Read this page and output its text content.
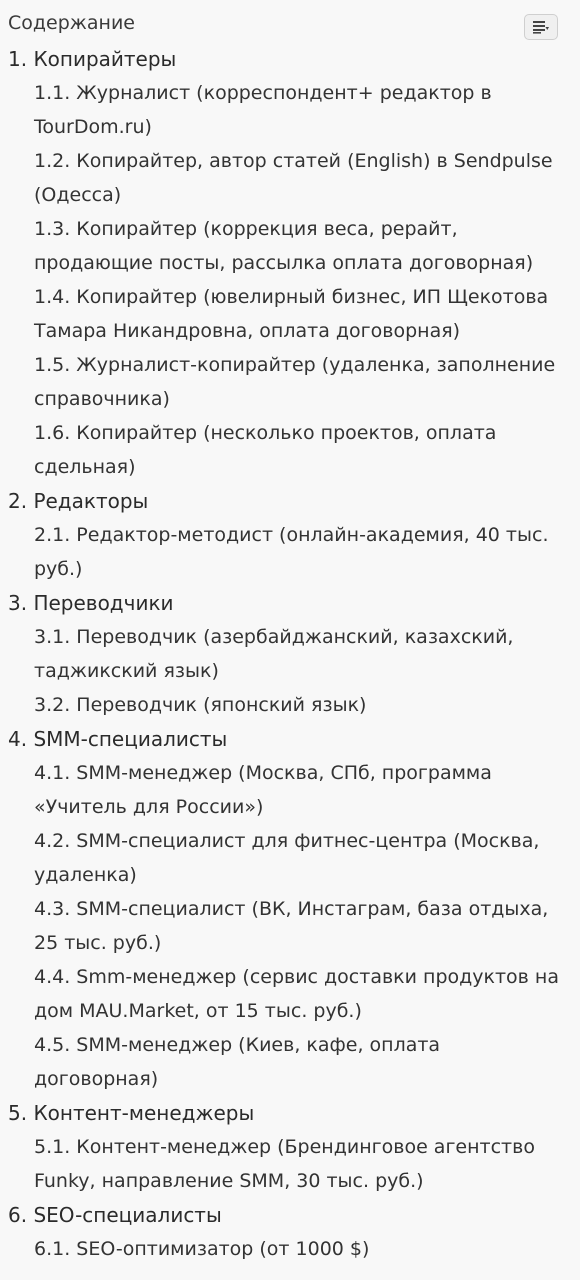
Содержание
1. Копирайтеры
1.1. Журналист (корреспондент+ редактор в TourDom.ru)
1.2. Копирайтер, автор статей (English) в Sendpulse (Одесса)
1.3. Копирайтер (коррекция веса, рерайт, продающие посты, рассылка оплата договорная)
1.4. Копирайтер (ювелирный бизнес, ИП Щекотова Тамара Никандровна, оплата договорная)
1.5. Журналист-копирайтер (удаленка, заполнение справочника)
1.6. Копирайтер (несколько проектов, оплата сдельная)
2. Редакторы
2.1. Редактор-методист (онлайн-академия, 40 тыс. руб.)
3. Переводчики
3.1. Переводчик (азербайджанский, казахский, таджикский язык)
3.2. Переводчик (японский язык)
4. SMM-специалисты
4.1. SMM-менеджер (Москва, СПб, программа «Учитель для России»)
4.2. SMM-специалист для фитнес-центра (Москва, удаленка)
4.3. SMM-специалист (ВК, Инстаграм, база отдыха, 25 тыс. руб.)
4.4. Smm-менеджер (сервис доставки продуктов на дом MAU.Market, от 15 тыс. руб.)
4.5. SMM-менеджер (Киев, кафе, оплата договорная)
5. Контент-менеджеры
5.1. Контент-менеджер (Брендинговое агентство Funky, направление SMM, 30 тыс. руб.)
6. SEO-специалисты
6.1. SEO-оптимизатор (от 1000 $)
